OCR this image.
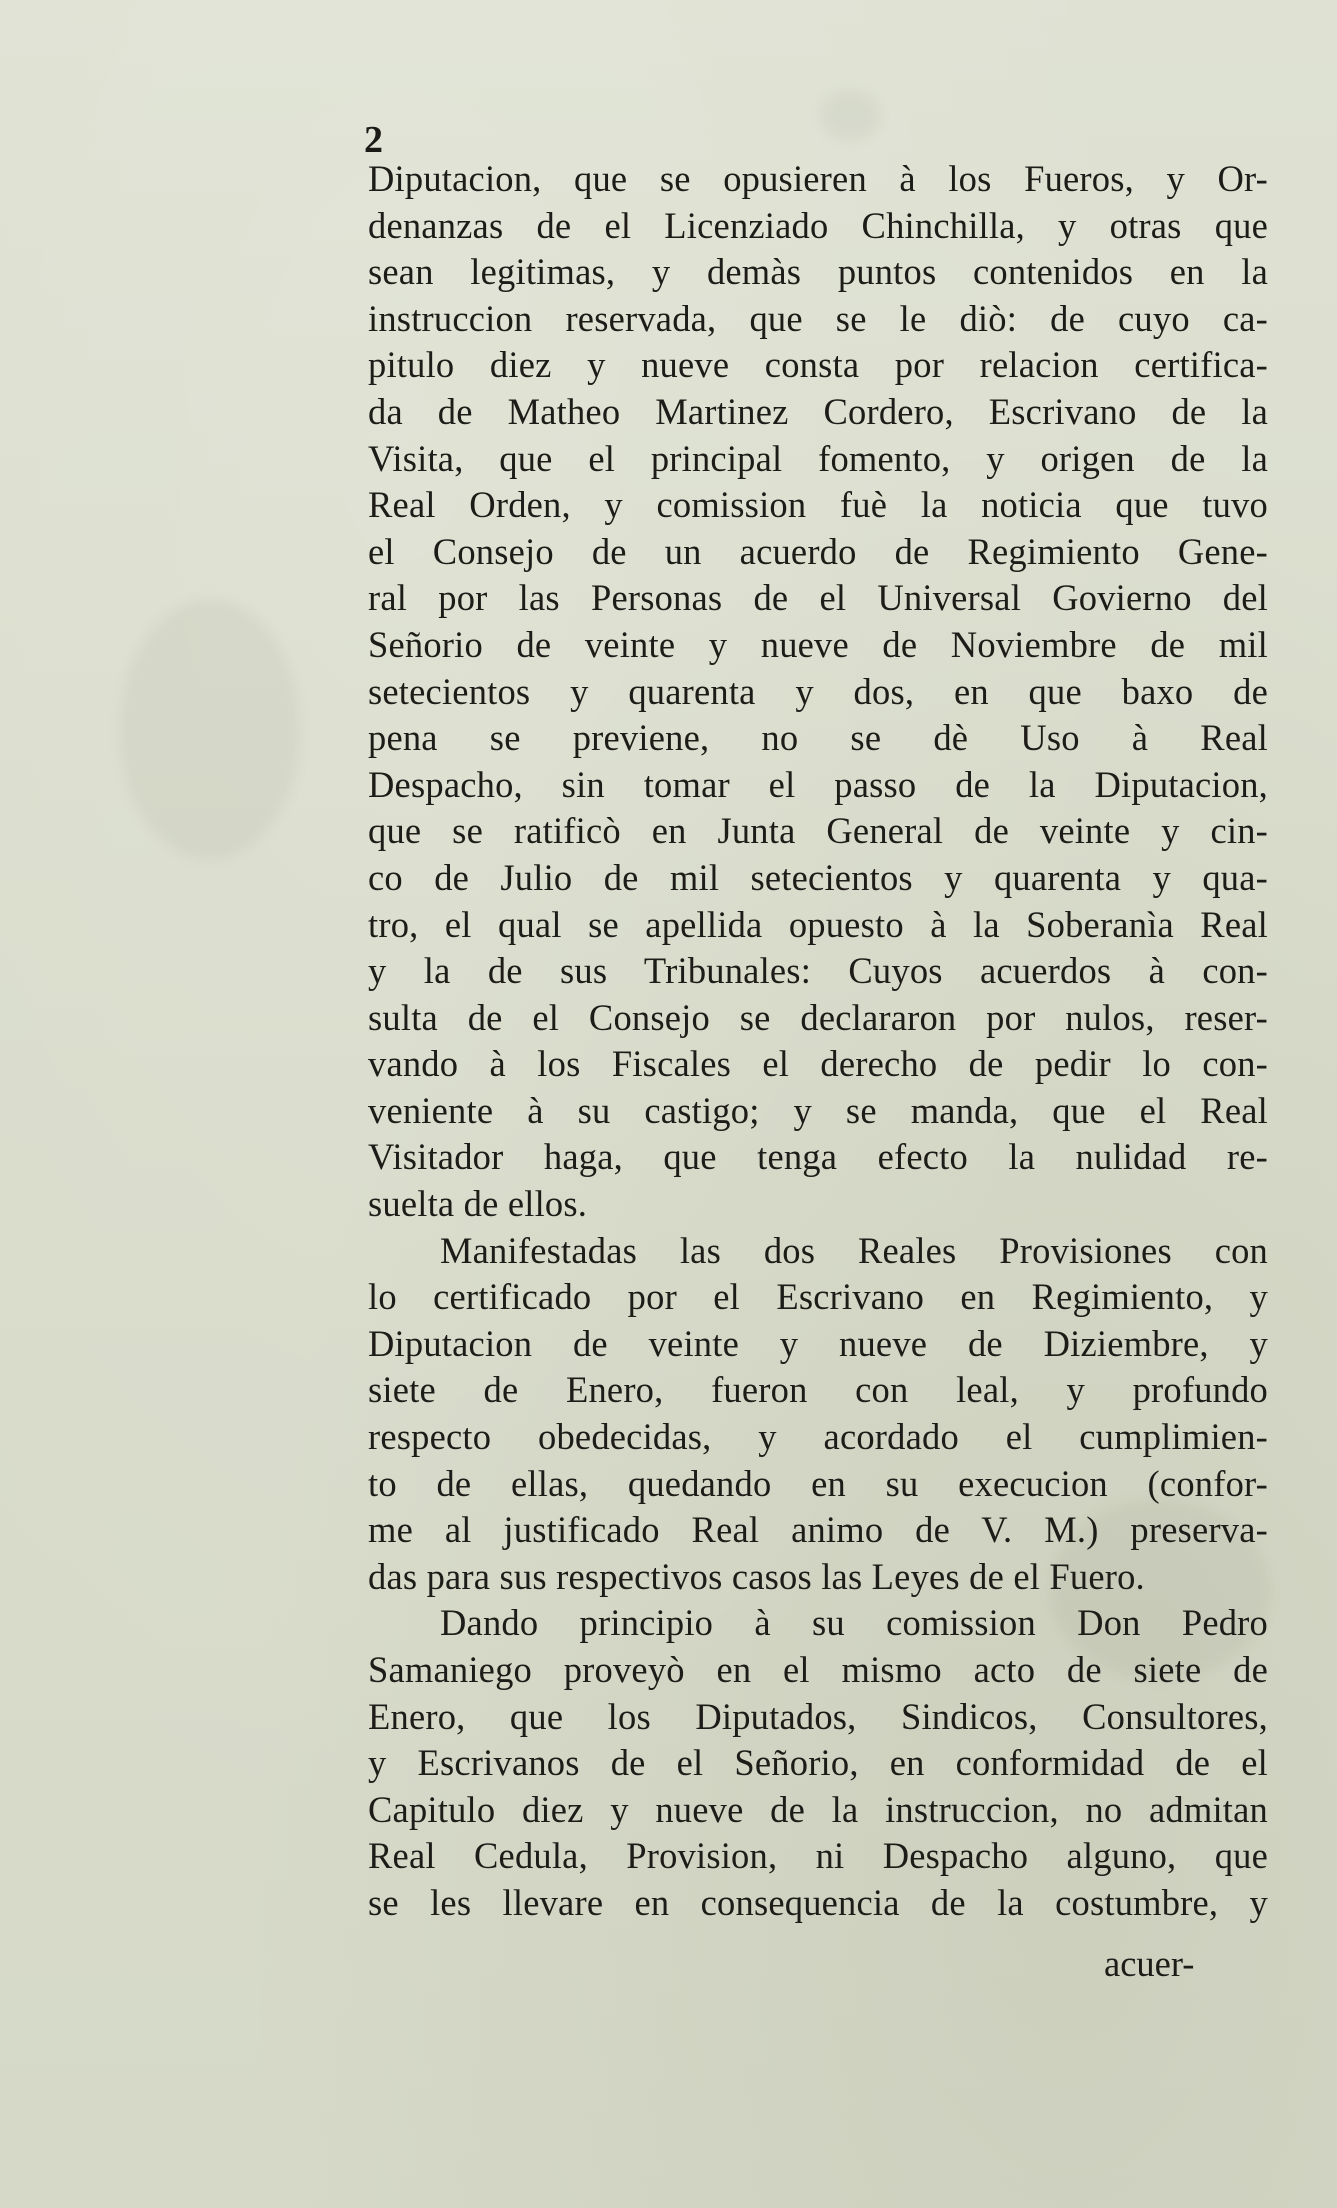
2
Diputacion, que se opusieren à los Fueros, y Or-
denanzas de el Licenziado Chinchilla, y otras que
sean legitimas, y demàs puntos contenidos en la
instruccion reservada, que se le diò: de cuyo ca-
pitulo diez y nueve consta por relacion certifica-
da de Matheo Martinez Cordero, Escrivano de la
Visita, que el principal fomento, y origen de la
Real Orden, y comission fuè la noticia que tuvo
el Consejo de un acuerdo de Regimiento Gene-
ral por las Personas de el Universal Govierno del
Señorio de veinte y nueve de Noviembre de mil
setecientos y quarenta y dos, en que baxo de
pena se previene, no se dè Uso à Real
Despacho, sin tomar el passo de la Diputacion,
que se ratificò en Junta General de veinte y cin-
co de Julio de mil setecientos y quarenta y qua-
tro, el qual se apellida opuesto à la Soberanìa Real
y la de sus Tribunales: Cuyos acuerdos à con-
sulta de el Consejo se declararon por nulos, reser-
vando à los Fiscales el derecho de pedir lo con-
veniente à su castigo; y se manda, que el Real
Visitador haga, que tenga efecto la nulidad re-
suelta de ellos.
Manifestadas las dos Reales Provisiones con
lo certificado por el Escrivano en Regimiento, y
Diputacion de veinte y nueve de Diziembre, y
siete de Enero, fueron con leal, y profundo
respecto obedecidas, y acordado el cumplimien-
to de ellas, quedando en su execucion (confor-
me al justificado Real animo de V. M.) preserva-
das para sus respectivos casos las Leyes de el Fuero.
Dando principio à su comission Don Pedro
Samaniego proveyò en el mismo acto de siete de
Enero, que los Diputados, Sindicos, Consultores,
y Escrivanos de el Señorio, en conformidad de el
Capitulo diez y nueve de la instruccion, no admitan
Real Cedula, Provision, ni Despacho alguno, que
se les llevare en consequencia de la costumbre, y
acuer-
